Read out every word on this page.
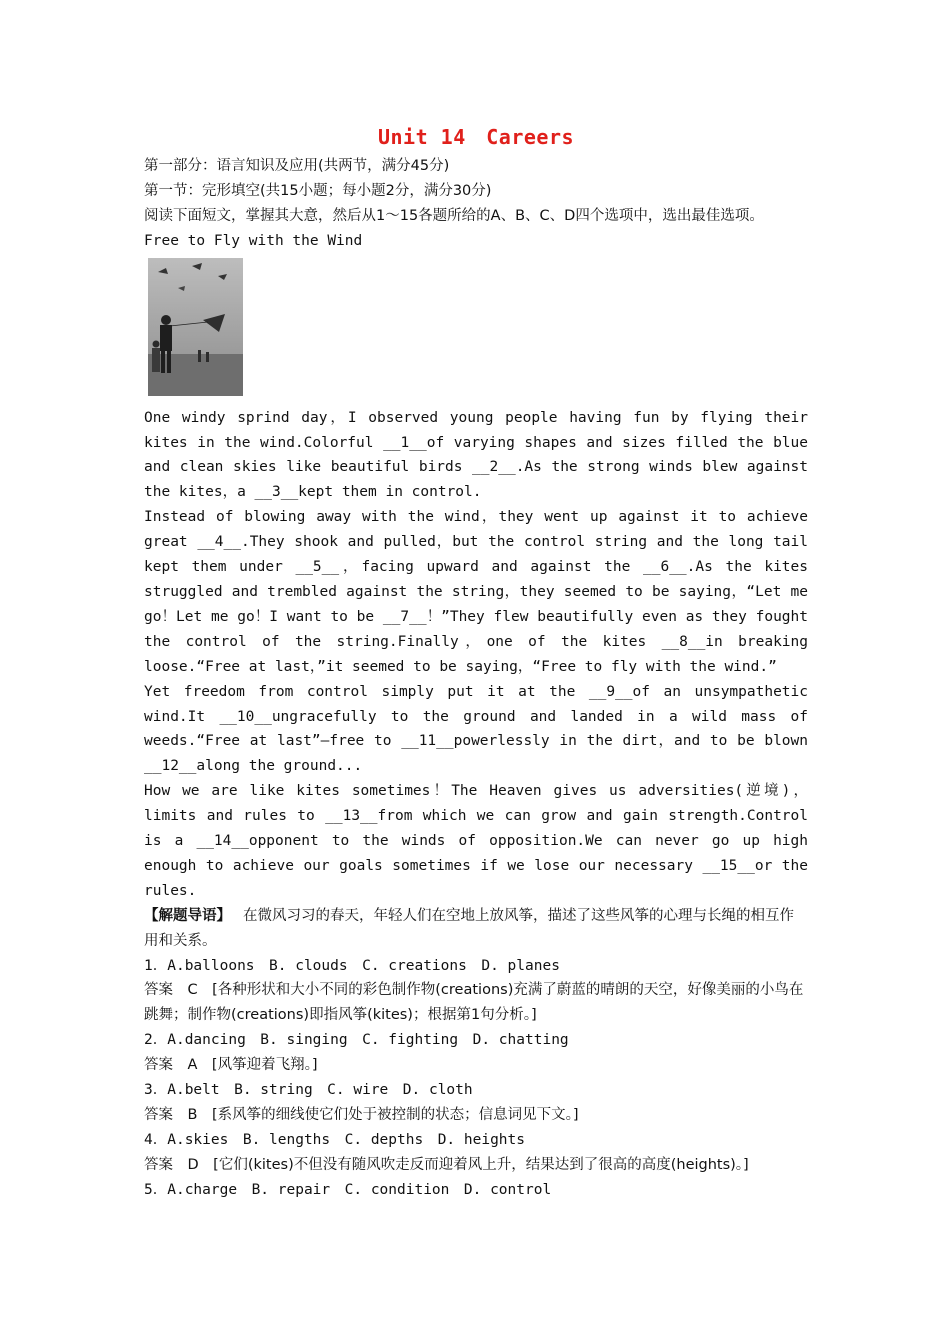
Unit 14　Careers
第一部分：语言知识及应用(共两节，满分45分)
第一节：完形填空(共15小题；每小题2分，满分30分)
阅读下面短文，掌握其大意，然后从1～15各题所给的A、B、C、D四个选项中，选出最佳选项。
Free to Fly with the Wind

One windy sprind day，I observed young people having fun by flying their kites in the wind.Colorful __1__of varying shapes and sizes filled the blue and clean skies like beautiful birds __2__.As the strong winds blew against the kites，a __3__kept them in control.

Instead of blowing away with the wind，they went up against it to achieve great __4__.They shook and pulled，but the control string and the long tail kept them under __5__，facing upward and against the __6__.As the kites struggled and trembled against the string，they seemed to be saying，“Let me go！Let me go！I want to be __7__！”They flew beautifully even as they fought the control of the string.Finally，one of the kites __8__in breaking loose.“Free at last，”it seemed to be saying，“Free to fly with the wind.”

Yet freedom from control simply put it at the __9__of an unsympathetic wind.It __10__ungracefully to the ground and landed in a wild mass of weeds.“Free at last”—free to __11__powerlessly in the dirt，and to be blown __12__along the ground...

How we are like kites sometimes！The Heaven gives us adversities(逆境)，limits and rules to __13__from which we can grow and gain strength.Control is a __14__opponent to the winds of opposition.We can never go up high enough to achieve our goals sometimes if we lose our necessary __15__or the rules.

【解题导语】 在微风习习的春天，年轻人们在空地上放风筝，描述了这些风筝的心理与长绳的相互作用和关系。
1．A.balloons　B. clouds　C. creations　D. planes
答案　C　[各种形状和大小不同的彩色制作物(creations)充满了蔚蓝的晴朗的天空，好像美丽的小鸟在跳舞；制作物(creations)即指风筝(kites)；根据第1句分析。]
2．A.dancing　B. singing　C. fighting　D. chatting
答案　A　[风筝迎着飞翔。]
3．A.belt　B. string　C. wire　D. cloth
答案　B　[系风筝的细线使它们处于被控制的状态；信息词见下文。]
4．A.skies　B. lengths　C. depths　D. heights
答案　D　[它们(kites)不但没有随风吹走反而迎着风上升，结果达到了很高的高度(heights)。]
5．A.charge　B. repair　C. condition　D. control
